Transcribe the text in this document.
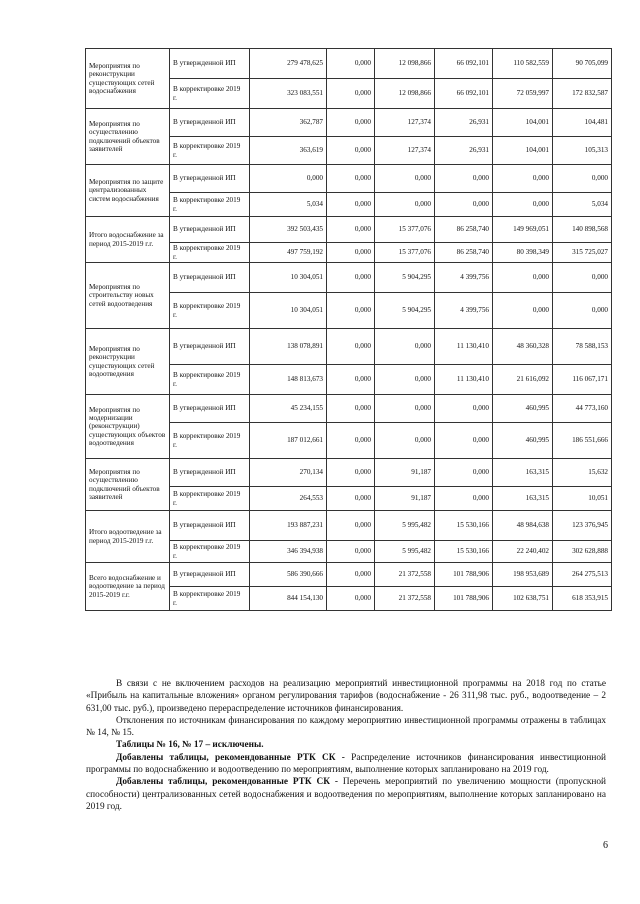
Мероприятия по реконструкции существующих сетей водоснабжения	В утвержденной ИП	279 478,625	0,000	12 098,866	66 092,101	110 582,559	90 705,099
	В корректировке 2019 г.	323 083,551	0,000	12 098,866	66 092,101	72 059,997	172 832,587
Мероприятия по осуществлению подключений объектов заявителей	В утвержденной ИП	362,787	0,000	127,374	26,931	104,001	104,481
	В корректировке 2019 г.	363,619	0,000	127,374	26,931	104,001	105,313
Мероприятия по защите централизованных систем водоснабжения	В утвержденной ИП	0,000	0,000	0,000	0,000	0,000	0,000
	В корректировке 2019 г.	5,034	0,000	0,000	0,000	0,000	5,034
Итого водоснабжение за период 2015-2019 г.г.	В утвержденной ИП	392 503,435	0,000	15 377,076	86 258,740	149 969,051	140 898,568
	В корректировке 2019 г.	497 759,192	0,000	15 377,076	86 258,740	80 398,349	315 725,027
Мероприятия по строительству новых сетей водоотведения	В утвержденной ИП	10 304,051	0,000	5 904,295	4 399,756	0,000	0,000
	В корректировке 2019 г.	10 304,051	0,000	5 904,295	4 399,756	0,000	0,000
Мероприятия по реконструкции существующих сетей водоотведения	В утвержденной ИП	138 078,891	0,000	0,000	11 130,410	48 360,328	78 588,153
	В корректировке 2019 г.	148 813,673	0,000	0,000	11 130,410	21 616,092	116 067,171
Мероприятия по модернизации (реконструкции) существующих объектов водоотведения	В утвержденной ИП	45 234,155	0,000	0,000	0,000	460,995	44 773,160
	В корректировке 2019 г.	187 012,661	0,000	0,000	0,000	460,995	186 551,666
Мероприятия по осуществлению подключений объектов заявителей	В утвержденной ИП	270,134	0,000	91,187	0,000	163,315	15,632
	В корректировке 2019 г.	264,553	0,000	91,187	0,000	163,315	10,051
Итого водоотведение за период 2015-2019 г.г.	В утвержденной ИП	193 887,231	0,000	5 995,482	15 530,166	48 984,638	123 376,945
	В корректировке 2019 г.	346 394,938	0,000	5 995,482	15 530,166	22 240,402	302 628,888
Всего водоснабжение и водоотведение за период 2015-2019 г.г.	В утвержденной ИП	586 390,666	0,000	21 372,558	101 788,906	198 953,689	264 275,513
	В корректировке 2019 г.	844 154,130	0,000	21 372,558	101 788,906	102 638,751	618 353,915

В связи с не включением расходов на реализацию мероприятий инвестиционной программы на 2018 год по статье «Прибыль на капитальные вложения» органом регулирования тарифов (водоснабжение - 26 311,98 тыс. руб., водоотведение – 2 631,00 тыс. руб.), произведено перераспределение источников финансирования.

Отклонения по источникам финансирования по каждому мероприятию инвестиционной программы отражены в таблицах № 14, № 15.

Таблицы № 16, № 17 – исключены.

Добавлены таблицы, рекомендованные РТК СК - Распределение источников финансирования инвестиционной программы по водоснабжению и водоотведению по мероприятиям, выполнение которых запланировано на 2019 год.

Добавлены таблицы, рекомендованные РТК СК - Перечень мероприятий по увеличению мощности (пропускной способности) централизованных сетей водоснабжения и водоотведения по мероприятиям, выполнение которых запланировано на 2019 год.

6
